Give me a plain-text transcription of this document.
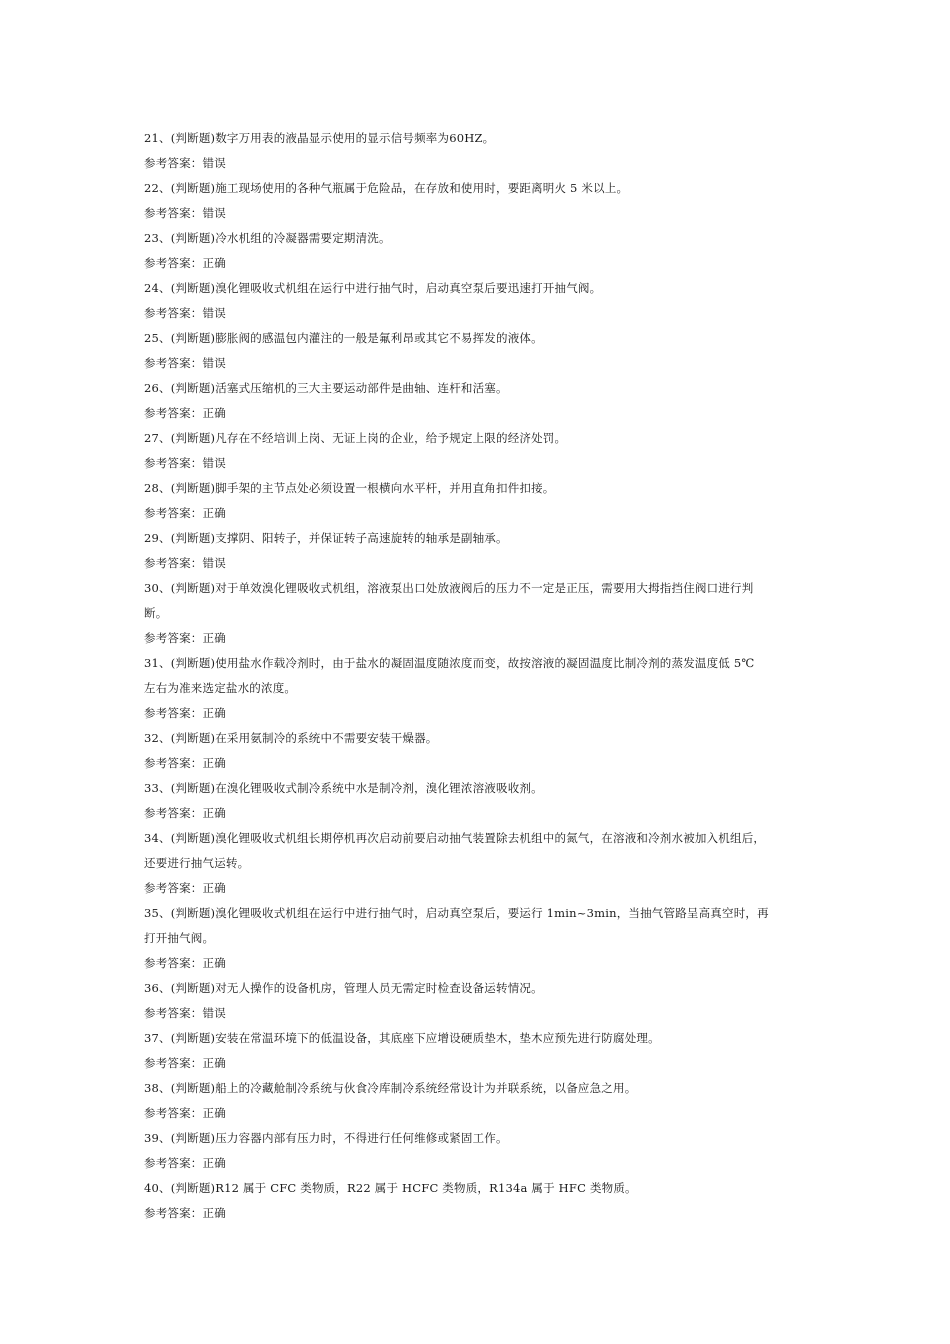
21、(判断题)数字万用表的液晶显示使用的显示信号频率为60HZ。
参考答案：错误
22、(判断题)施工现场使用的各种气瓶属于危险品，在存放和使用时，要距离明火 5 米以上。
参考答案：错误
23、(判断题)冷水机组的冷凝器需要定期清洗。
参考答案：正确
24、(判断题)溴化锂吸收式机组在运行中进行抽气时，启动真空泵后要迅速打开抽气阀。
参考答案：错误
25、(判断题)膨胀阀的感温包内灌注的一般是氟利昂或其它不易挥发的液体。
参考答案：错误
26、(判断题)活塞式压缩机的三大主要运动部件是曲轴、连杆和活塞。
参考答案：正确
27、(判断题)凡存在不经培训上岗、无证上岗的企业，给予规定上限的经济处罚。
参考答案：错误
28、(判断题)脚手架的主节点处必须设置一根横向水平杆，并用直角扣件扣接。
参考答案：正确
29、(判断题)支撑阴、阳转子，并保证转子高速旋转的轴承是副轴承。
参考答案：错误
30、(判断题)对于单效溴化锂吸收式机组，溶液泵出口处放液阀后的压力不一定是正压，需要用大拇指挡住阀口进行判
断。
参考答案：正确
31、(判断题)使用盐水作载冷剂时，由于盐水的凝固温度随浓度而变，故按溶液的凝固温度比制冷剂的蒸发温度低 5℃
左右为准来选定盐水的浓度。
参考答案：正确
32、(判断题)在采用氨制冷的系统中不需要安装干燥器。
参考答案：正确
33、(判断题)在溴化锂吸收式制冷系统中水是制冷剂，溴化锂浓溶液吸收剂。
参考答案：正确
34、(判断题)溴化锂吸收式机组长期停机再次启动前要启动抽气装置除去机组中的氮气，在溶液和冷剂水被加入机组后，
还要进行抽气运转。
参考答案：正确
35、(判断题)溴化锂吸收式机组在运行中进行抽气时，启动真空泵后，要运行 1min~3min，当抽气管路呈高真空时，再
打开抽气阀。
参考答案：正确
36、(判断题)对无人操作的设备机房，管理人员无需定时检查设备运转情况。
参考答案：错误
37、(判断题)安装在常温环境下的低温设备，其底座下应增设硬质垫木，垫木应预先进行防腐处理。
参考答案：正确
38、(判断题)船上的冷藏舱制冷系统与伙食冷库制冷系统经常设计为并联系统，以备应急之用。
参考答案：正确
39、(判断题)压力容器内部有压力时，不得进行任何维修或紧固工作。
参考答案：正确
40、(判断题)R12 属于 CFC 类物质，R22 属于 HCFC 类物质，R134a 属于 HFC 类物质。
参考答案：正确
